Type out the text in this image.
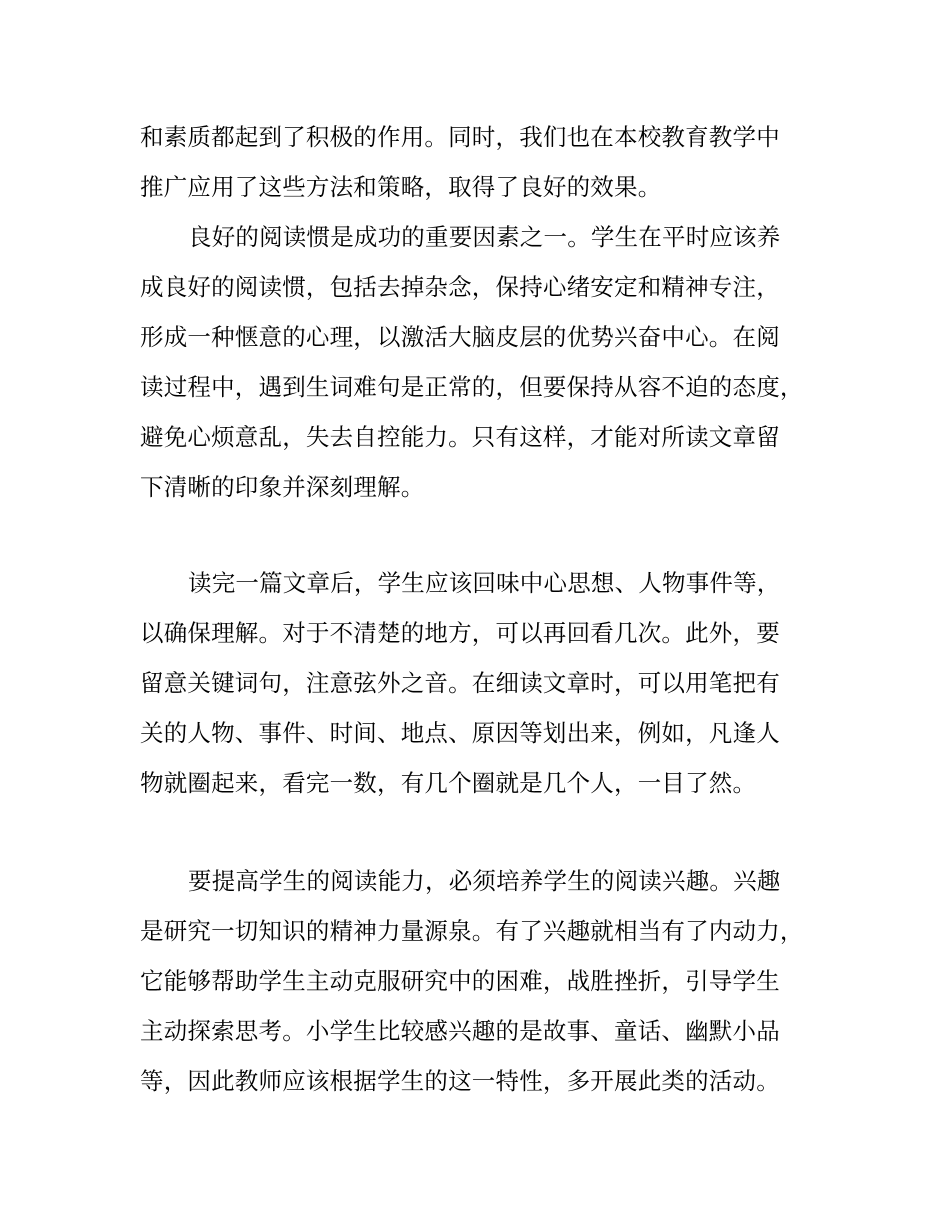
和素质都起到了积极的作用。同时，我们也在本校教育教学中

推广应用了这些方法和策略，取得了良好的效果。

良好的阅读惯是成功的重要因素之一。学生在平时应该养

成良好的阅读惯，包括去掉杂念，保持心绪安定和精神专注，

形成一种惬意的心理，以激活大脑皮层的优势兴奋中心。在阅

读过程中，遇到生词难句是正常的，但要保持从容不迫的态度，

避免心烦意乱，失去自控能力。只有这样，才能对所读文章留

下清晰的印象并深刻理解。

读完一篇文章后，学生应该回味中心思想、人物事件等，

以确保理解。对于不清楚的地方，可以再回看几次。此外，要

留意关键词句，注意弦外之音。在细读文章时，可以用笔把有

关的人物、事件、时间、地点、原因等划出来，例如，凡逢人

物就圈起来，看完一数，有几个圈就是几个人，一目了然。

要提高学生的阅读能力，必须培养学生的阅读兴趣。兴趣

是研究一切知识的精神力量源泉。有了兴趣就相当有了内动力，

它能够帮助学生主动克服研究中的困难，战胜挫折，引导学生

主动探索思考。小学生比较感兴趣的是故事、童话、幽默小品

等，因此教师应该根据学生的这一特性，多开展此类的活动。
